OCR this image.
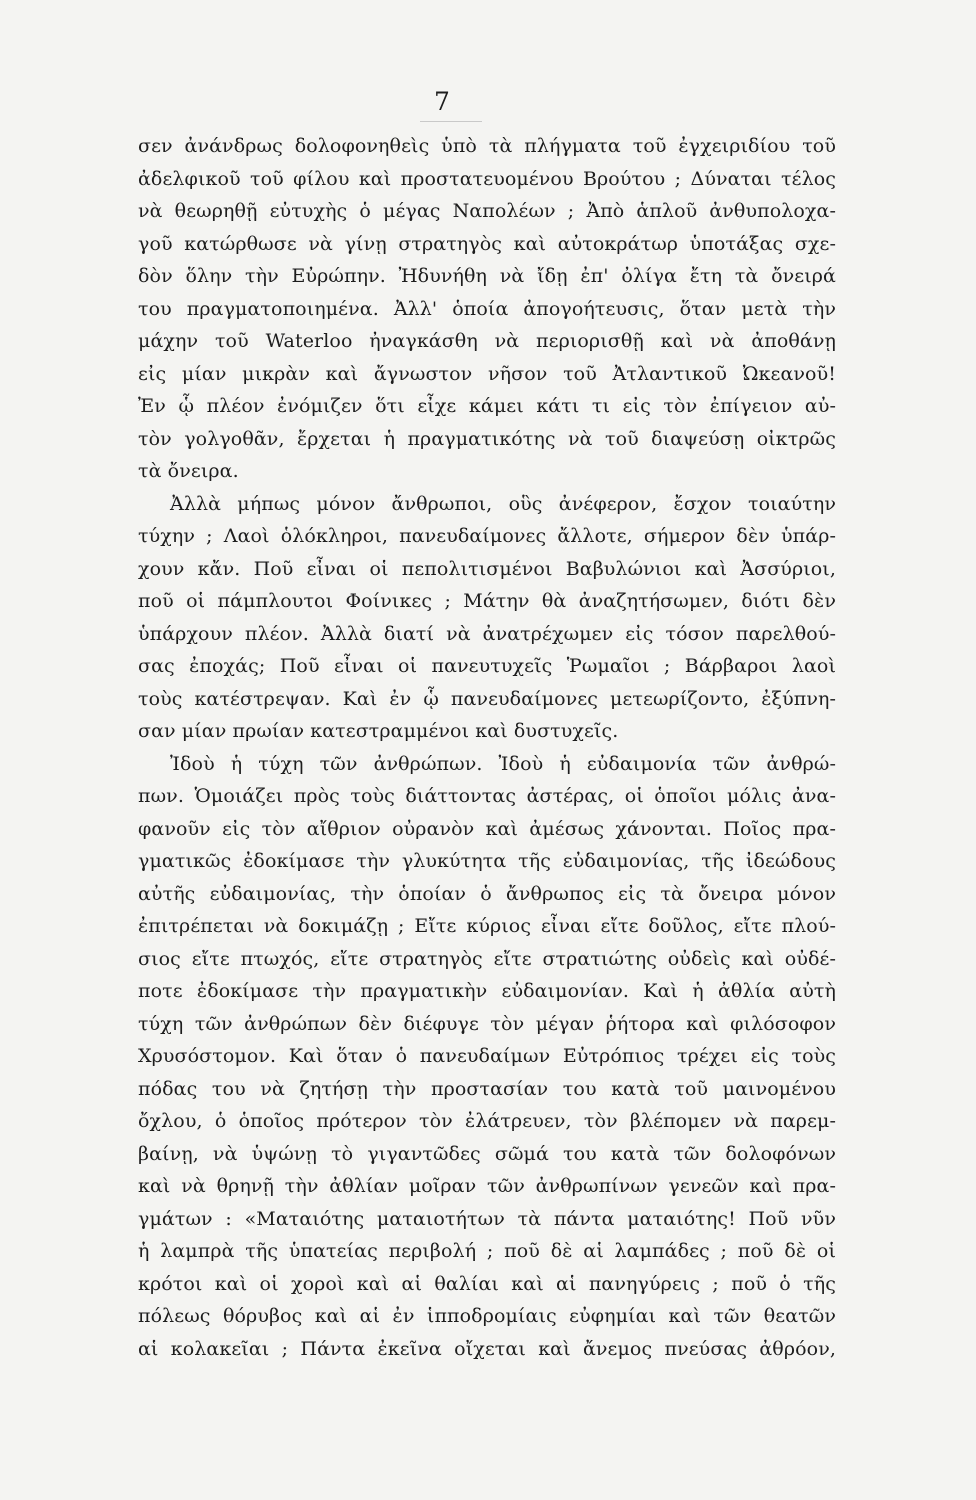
7
σεν ἀνάνδρως δολοφονηθεὶς ὑπὸ τὰ πλήγματα τοῦ ἐγχειριδίου τοῦ
ἀδελφικοῦ τοῦ φίλου καὶ προστατευομένου Βρούτου ; Δύναται τέλος
νὰ θεωρηθῇ εὐτυχὴς ὁ μέγας Ναπολέων ; Ἀπὸ ἁπλοῦ ἀνθυπολοχα-
γοῦ κατώρθωσε νὰ γίνῃ στρατηγὸς καὶ αὐτοκράτωρ ὑποτάξας σχε-
δὸν ὅλην τὴν Εὐρώπην. Ἠδυνήθη νὰ ἴδῃ ἐπ' ὀλίγα ἔτη τὰ ὄνειρά
του πραγματοποιημένα. Ἀλλ' ὁποία ἀπογοήτευσις, ὅταν μετὰ τὴν
μάχην τοῦ Waterloo ἠναγκάσθη νὰ περιορισθῇ καὶ νὰ ἀποθάνῃ
εἰς μίαν μικρὰν καὶ ἄγνωστον νῆσον τοῦ Ἀτλαντικοῦ Ὠκεανοῦ!
Ἐν ᾧ πλέον ἐνόμιζεν ὅτι εἶχε κάμει κάτι τι εἰς τὸν ἐπίγειον αὐ-
τὸν γολγοθᾶν, ἔρχεται ἡ πραγματικότης νὰ τοῦ διαψεύσῃ οἰκτρῶς
τὰ ὄνειρα.
Ἀλλὰ μήπως μόνον ἄνθρωποι, οὓς ἀνέφερον, ἔσχον τοιαύτην
τύχην ; Λαοὶ ὁλόκληροι, πανευδαίμονες ἄλλοτε, σήμερον δὲν ὑπάρ-
χουν κἄν. Ποῦ εἶναι οἱ πεπολιτισμένοι Βαβυλώνιοι καὶ Ἀσσύριοι,
ποῦ οἱ πάμπλουτοι Φοίνικες ; Μάτην θὰ ἀναζητήσωμεν, διότι δὲν
ὑπάρχουν πλέον. Ἀλλὰ διατί νὰ ἀνατρέχωμεν εἰς τόσον παρελθού-
σας ἐποχάς; Ποῦ εἶναι οἱ πανευτυχεῖς Ῥωμαῖοι ; Βάρβαροι λαοὶ
τοὺς κατέστρεψαν. Καὶ ἐν ᾧ πανευδαίμονες μετεωρίζοντο, ἐξύπνη-
σαν μίαν πρωίαν κατεστραμμένοι καὶ δυστυχεῖς.
Ἰδοὺ ἡ τύχη τῶν ἀνθρώπων. Ἰδοὺ ἡ εὐδαιμονία τῶν ἀνθρώ-
πων. Ὁμοιάζει πρὸς τοὺς διάττοντας ἀστέρας, οἱ ὁποῖοι μόλις ἀνα-
φανοῦν εἰς τὸν αἴθριον οὐρανὸν καὶ ἀμέσως χάνονται. Ποῖος πρα-
γματικῶς ἐδοκίμασε τὴν γλυκύτητα τῆς εὐδαιμονίας, τῆς ἰδεώδους
αὐτῆς εὐδαιμονίας, τὴν ὁποίαν ὁ ἄνθρωπος εἰς τὰ ὄνειρα μόνον
ἐπιτρέπεται νὰ δοκιμάζῃ ; Εἴτε κύριος εἶναι εἴτε δοῦλος, εἴτε πλού-
σιος εἴτε πτωχός, εἴτε στρατηγὸς εἴτε στρατιώτης οὐδεὶς καὶ οὐδέ-
ποτε ἐδοκίμασε τὴν πραγματικὴν εὐδαιμονίαν. Καὶ ἡ ἀθλία αὐτὴ
τύχη τῶν ἀνθρώπων δὲν διέφυγε τὸν μέγαν ῥήτορα καὶ φιλόσοφον
Χρυσόστομον. Καὶ ὅταν ὁ πανευδαίμων Εὐτρόπιος τρέχει εἰς τοὺς
πόδας του νὰ ζητήσῃ τὴν προστασίαν του κατὰ τοῦ μαινομένου
ὄχλου, ὁ ὁποῖος πρότερον τὸν ἐλάτρευεν, τὸν βλέπομεν νὰ παρεμ-
βαίνῃ, νὰ ὑψώνῃ τὸ γιγαντῶδες σῶμά του κατὰ τῶν δολοφόνων
καὶ νὰ θρηνῇ τὴν ἀθλίαν μοῖραν τῶν ἀνθρωπίνων γενεῶν καὶ πρα-
γμάτων : «Ματαιότης ματαιοτήτων τὰ πάντα ματαιότης! Ποῦ νῦν
ἡ λαμπρὰ τῆς ὑπατείας περιβολή ; ποῦ δὲ αἱ λαμπάδες ; ποῦ δὲ οἱ
κρότοι καὶ οἱ χοροὶ καὶ αἱ θαλίαι καὶ αἱ πανηγύρεις ; ποῦ ὁ τῆς
πόλεως θόρυβος καὶ αἱ ἐν ἱπποδρομίαις εὐφημίαι καὶ τῶν θεατῶν
αἱ κολακεῖαι ; Πάντα ἐκεῖνα οἴχεται καὶ ἄνεμος πνεύσας ἀθρόον,
